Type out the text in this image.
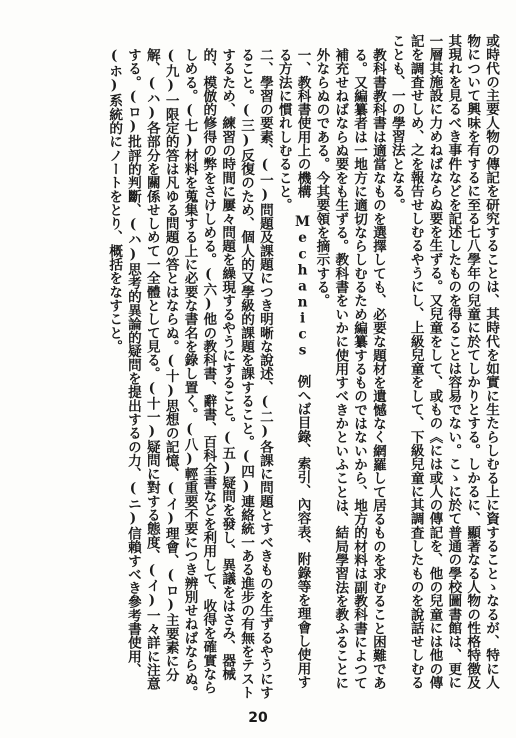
或時代の主要人物の傳記を研究することは、其時代を如實に生たらしむる上に資することゝなるが、特に人物について興味を有するに至る七八學年の兒童に於てしかりとする。しかるに、顯著なる人物の性格特徴及其現れを見るべき事件などを記述したものを得ることは容易でない。こゝに於て普通の學校圖書館は、更に一層其施設に力めねばならぬ要を生ずる。又兒童をして、或もの《には或人の傳記を、他の兒童には他の傳記を調査せしめ、之を報告せしむるやうにし、上級兒童をして、下級兒童に其調査したものを說話せしむることも、一の學習法となる。

教科書教科書は適當なものを選擇しても、必要な題材を遺憾なく網羅して居るものを求むること困難である。又編纂者は一地方に適切ならしむるため編纂するものではないから、地方的材料は副教科書によつて補充せねばならぬ要をも生ずる。教科書をいかに使用すべきかといふことは、結局學習法を教ふることに外ならぬのである。今其要領を摘示する。

一、教科書使用上の機構 Mechanics 例へば目錄、索引、內容表、附錄等を理會し使用する方法に慣れしむること。

二、學習の要素、(一)問題及課題につき明晰な說述、(二)各課に問題とすべきものを生ずるやうにすること。(三)反復のため、個人的又學級的課題を課すること。(四)連絡統一ある進步の有無をテストするため、練習の時間に屢々問題を繰現するやうにすること。(五)疑問を發し、異議をはさみ、器械的、模倣的修得の弊をさけしめる。(六)他の教科書、辭書、百科全書などを利用して、收得を確實ならしめる。(七)材料を蒐集する上に必要な書名を錄し置く。(八)輕重要不要につき辨別せねばならぬ。(九)一限定的答は凡ゆる問題の答とはならぬ。(十)思想の記憶、(イ)理會、(ロ)主要素に分解、(ハ)各部分を關係せしめて一全體として見る。(十一)疑問に對する態度、(イ)一々詳に注意する。(ロ)批評的判斷、(ハ)思考的異論的疑問を提出するの力、(ニ)信賴すべき參考書使用、(ホ)系統的にノートをとり、概括をなすこと。

20
